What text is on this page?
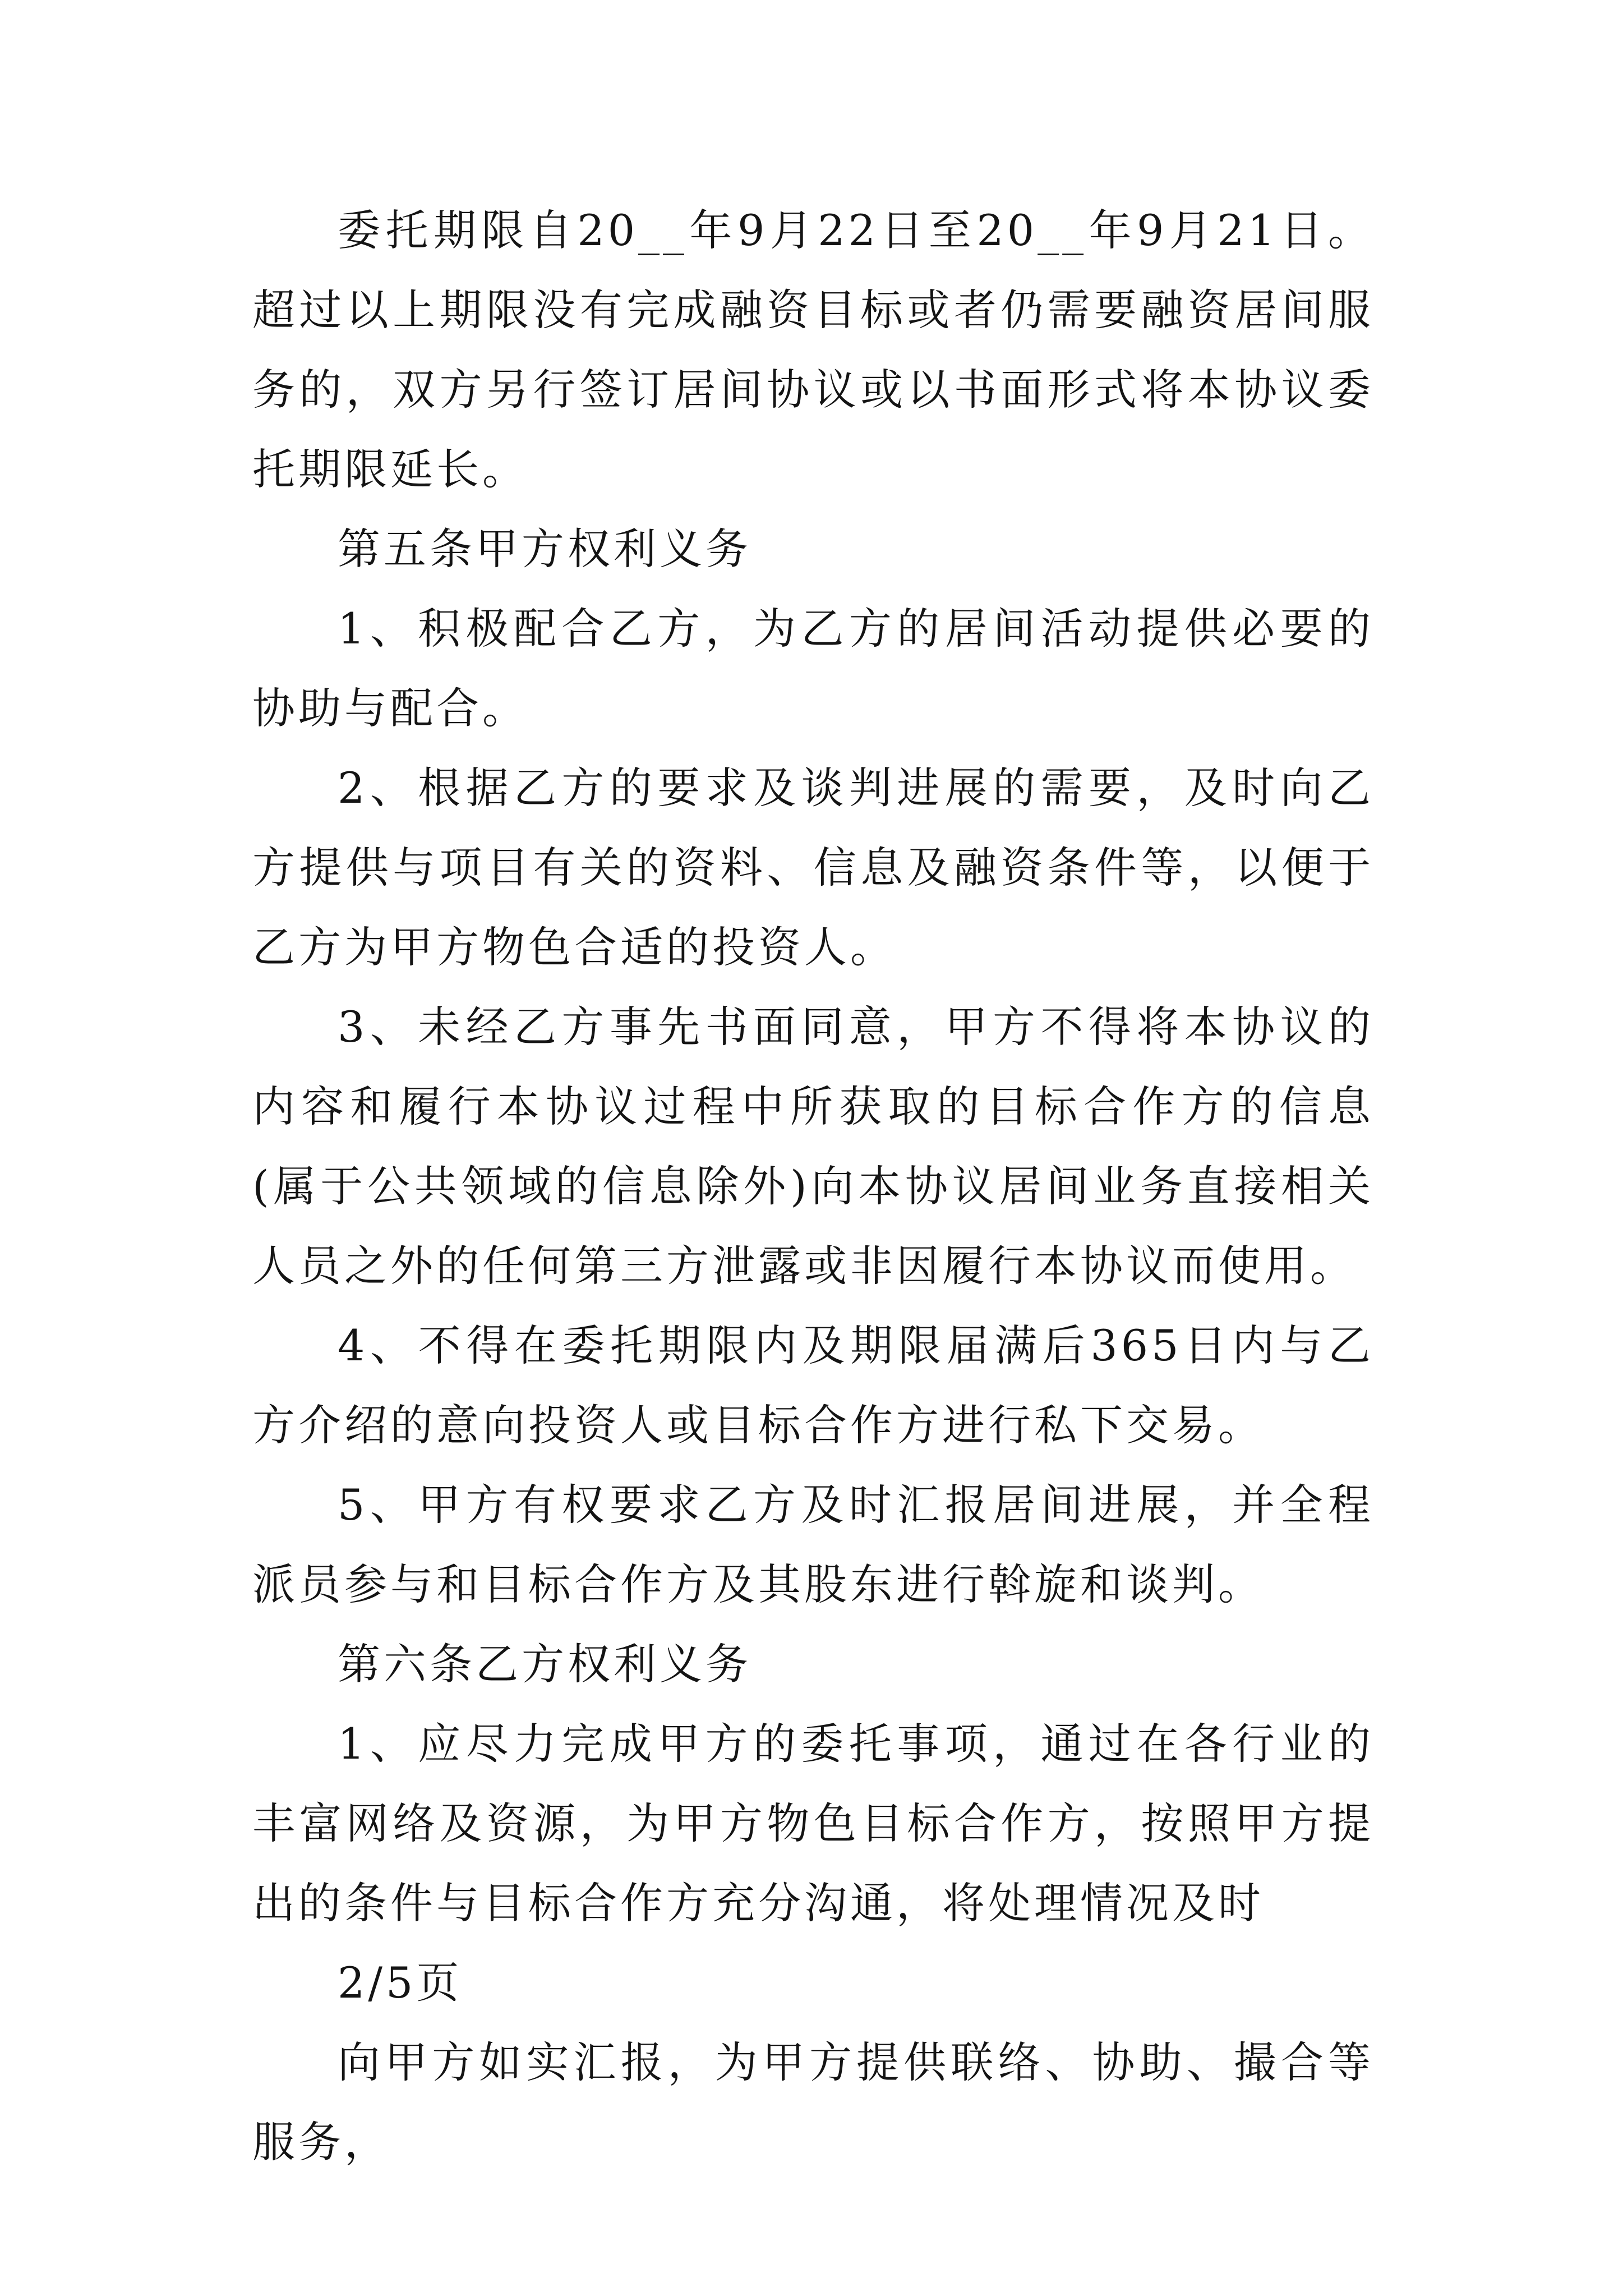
委托期限自20__年9月22日至20__年9月21日。超过以上期限没有完成融资目标或者仍需要融资居间服务的，双方另行签订居间协议或以书面形式将本协议委托期限延长。

第五条甲方权利义务

1、积极配合乙方，为乙方的居间活动提供必要的协助与配合。

2、根据乙方的要求及谈判进展的需要，及时向乙方提供与项目有关的资料、信息及融资条件等，以便于乙方为甲方物色合适的投资人。

3、未经乙方事先书面同意，甲方不得将本协议的内容和履行本协议过程中所获取的目标合作方的信息(属于公共领域的信息除外)向本协议居间业务直接相关人员之外的任何第三方泄露或非因履行本协议而使用。

4、不得在委托期限内及期限届满后365日内与乙方介绍的意向投资人或目标合作方进行私下交易。

5、甲方有权要求乙方及时汇报居间进展，并全程派员参与和目标合作方及其股东进行斡旋和谈判。

第六条乙方权利义务

1、应尽力完成甲方的委托事项，通过在各行业的丰富网络及资源，为甲方物色目标合作方，按照甲方提出的条件与目标合作方充分沟通，将处理情况及时

2/5页

向甲方如实汇报，为甲方提供联络、协助、撮合等服务，
